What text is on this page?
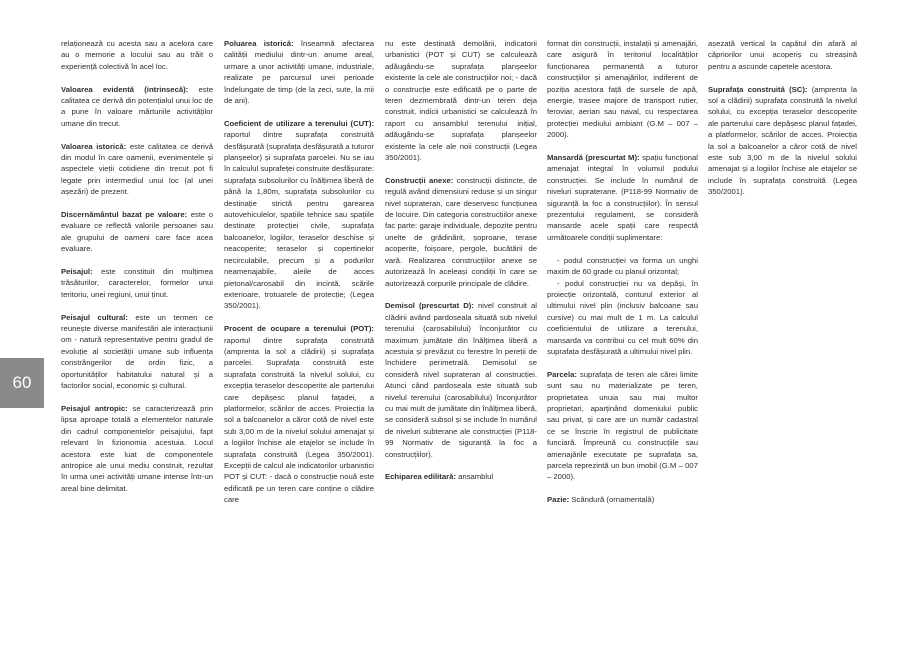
relaționează cu acesta sau a acelora care au o memorie a locului sau au trăit o experiență colectivă în acel loc.

Valoarea evidentă (intrinsecă): este calitatea ce derivă din potențialul unui loc de a pune în valoare mărturiile activităților umane din trecut.

Valoarea istorică: este calitatea ce derivă din modul în care oamenii, evenimentele și aspectele vieții cotidiene din trecut pot fi legate prin intermediul unui loc (al unei așezări) de prezent.

Discernământul bazat pe valoare: este o evaluare ce reflectă valorile persoanei sau ale grupului de oameni care face acea evaluare.

Peisajul: este constituit din mulțimea trăsăturilor, caracterelor, formelor unui teritoriu, unei regiuni, unui ținut.

Peisajul cultural: este un termen ce reunește diverse manifestări ale interacțiunii om - natură representative pentru gradul de evoluție al societății umane sub influența constrângerilor de ordin fizic, a oportunităților habitatului natural și a factorilor social, economic și cultural.

Peisajul antropic: se caracterizează prin lipsa aproape totală a elementelor naturale din cadrul componentelor peisajului, fapt relevant în fizionomia acestuia. Locul acestora este luat de componentele antropice ale unui mediu construit, rezultat în urma unei activități umane intense într-un areal bine delimitat.

Poluarea istorică: înseamnă afectarea calității mediului dintr-un anume areal, urmare a unor activități umane, industriale, realizate pe parcursul unei perioade îndelungate de timp (de la zeci, sute, la mii de ani).

Coeficient de utilizare a terenului (CUT): raportul dintre suprafața construită desfășurată (suprafața desfășurată a tuturor planșeelor) și suprafața parcelei. Nu se iau în calculul suprafeței construite desfășurate: suprafața subsolurilor cu înălțimea liberă de până la 1,80m, suprafața subsolurilor cu destinație strictă pentru garearea autovehiculelor, spațiile tehnice sau spațiile destinate protecției civile, suprafața balcoanelor, logiilor, teraselor deschise și neacoperite; teraselor și copertinelor necirculabile, precum și a podurilor neamenajabile, aleile de acces pietonal/carosabil din incintă, scările exterioare, trotuarele de protecție; (Legea 350/2001).

Procent de ocupare a terenului (POT): raportul dintre suprafața construită (amprenta la sol a clădirii) și suprafața parcelei. Suprafața construită este suprafața construită la nivelul solului, cu excepția teraselor descoperite ale parterului care depășesc planul fațadei, a platformelor, scărilor de acces. Proiecția la sol a balcoanelor a căror cotă de nivel este sub 3,00 m de la nivelul solului amenajat și a logiilor închise ale etajelor se include în suprafața construită (Legea 350/2001). Excepții de calcul ale indicatorilor urbanistici POT și CUT: - dacă o construcție nouă este edificată pe un teren care conține o clădire care

nu este destinată demolării, indicatorii urbanistici (POT și CUT) se calculează adăugându-se suprafața planșeelor existente la cele ale construcțiilor noi; - dacă o construcție este edificată pe o parte de teren dezmembrată dintr-un teren deja construit, indicii urbanistici se calculează în raport cu ansamblul terenului inițial, adăugându-se suprafața planșeelor existente la cele ale noii construcții (Legea 350/2001).

Construcții anexe: construcții distincte, de regulă având dimensiuni reduse și un singur nivel suprateran, care deservesc funcțiunea de locuire. Din categoria construcțiilor anexe fac parte: garaje individuale, depozite pentru unelte de grădinărit, șoproane, terase acoperite, foișoare, pergole, bucătării de vară. Realizarea construcțiilor anexe se autorizează în aceleași condiții în care se autorizează corpurile principale de clădire.

Demisol (prescurtat D): nivel construit al clădirii având pardoseala situată sub nivelul terenului (carosabilului) înconjurător cu maximum jumătate din înălțimea liberă a acestuia și prevăzut cu ferestre în pereții de închidere perimetrală. Demisolul se consideră nivel suprateran al construcției. Atunci când pardoseala este situată sub nivelul terenului (carosabilului) înconjurător cu mai mult de jumătate din înălțimea liberă, se consideră subsol și se include în numărul de niveluri subterane ale construcției (P118-99 Normativ de siguranță la foc a construcțiilor).

Echiparea edilitară: ansamblul

format din construcții, instalații și amenajări, care asigură în teritoriul localităților funcționarea permanentă a tuturor construcțiilor și amenajărilor, indiferent de poziția acestora față de sursele de apă, energie, trasee majore de transport rutier, feroviar, aerian sau naval, cu respectarea protecției mediului ambiant (G.M – 007 – 2000).

Mansardă (prescurtat M): spațiu funcțional amenajat integral în volumul podului construcției. Se include în numărul de niveluri supraterane. (P118-99 Normativ de siguranță la foc a construcțiilor). În sensul prezentului regulament, se consideră mansarde acele spații care respectă următoarele condiții suplimentare:

- podul construcției va forma un unghi maxim de 60 grade cu planul orizontal;

- podul construcției nu va depăși, în proiecție orizontală, conturul exterior al ultimului nivel plin (inclusiv balcoane sau cursive) cu mai mult de 1 m. La calculul coeficientului de utilizare a terenului, mansarda va contribui cu cel mult 60% din suprafața desfășurată a ultimului nivel plin.

Parcela: suprafața de teren ale cărei limite sunt sau nu materializate pe teren, proprietatea unuia sau mai multor proprietari, aparținând domeniului public sau privat, și care are un număr cadastral ce se înscrie în registrul de publicitate funciară. Împreună cu construcțiile sau amenajările executate pe suprafața sa, parcela reprezintă un bun imobil (G.M – 007 – 2000).

Pazie: Scândură (ornamentală)

așezată vertical la capătul din afară al căpriorilor unui acoperiș cu streașină pentru a ascunde capetele acestora.

Suprafața construită (SC): (amprenta la sol a clădirii) suprafața construită la nivelul solului, cu excepția teraselor descoperite ale parterului care depășesc planul fațadei, a platformelor, scărilor de acces. Proiecția la sol a balcoanelor a căror cotă de nivel este sub 3,00 m de la nivelul solului amenajat și a logiilor închise ale etajelor se include în suprafața construită (Legea 350/2001).

60
